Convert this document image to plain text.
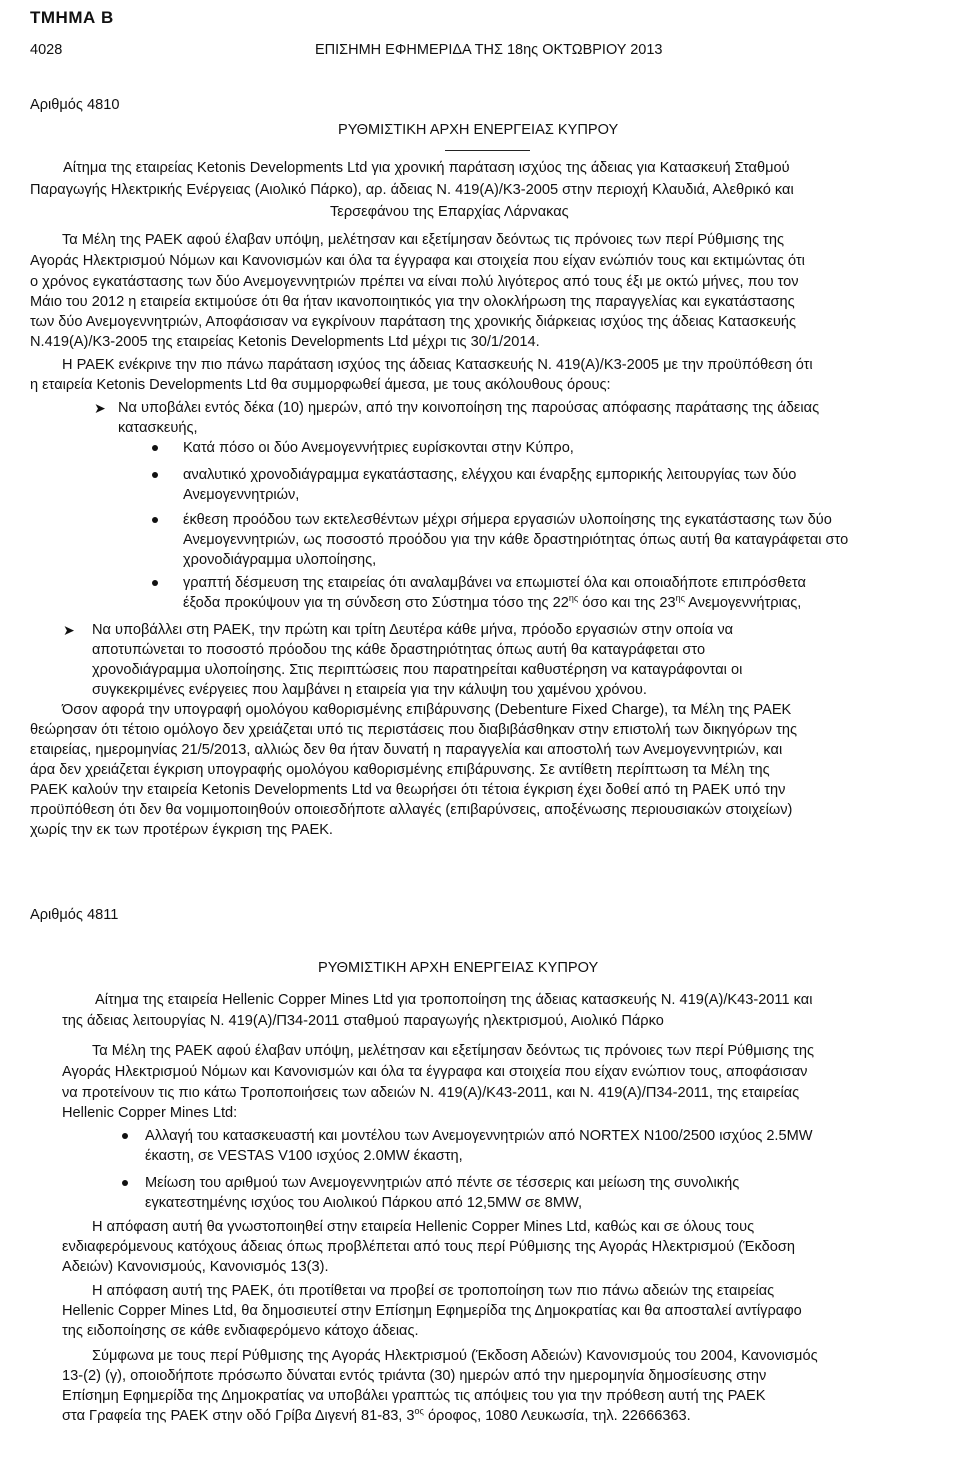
ΤΜΗΜΑ Β
4028	ΕΠΙΣΗΜΗ ΕΦΗΜΕΡΙΔΑ ΤΗΣ 18ης ΟΚΤΩΒΡΙΟΥ 2013
Αριθμός 4810
ΡΥΘΜΙΣΤΙΚΗ ΑΡΧΗ ΕΝΕΡΓΕΙΑΣ ΚΥΠΡΟΥ
Αίτημα της εταιρείας Ketonis Developments Ltd για χρονική παράταση ισχύος της άδειας για Κατασκευή Σταθμού
Παραγωγής Ηλεκτρικής Ενέργειας (Αιολικό Πάρκο), αρ. άδειας Ν. 419(Α)/Κ3-2005 στην περιοχή Κλαυδιά, Αλεθρικό και
Τερσεφάνου της Επαρχίας Λάρνακας
Τα Μέλη της ΡΑΕΚ αφού έλαβαν υπόψη, μελέτησαν και εξετίμησαν δεόντως τις πρόνοιες των περί Ρύθμισης της
Αγοράς Ηλεκτρισμού Νόμων και Κανονισμών και όλα τα έγγραφα και στοιχεία που είχαν ενώπιόν τους και εκτιμώντας ότι
ο χρόνος εγκατάστασης των δύο Ανεμογεννητριών πρέπει να είναι πολύ λιγότερος από τους έξι με οκτώ μήνες, που τον
Μάιο του 2012 η εταιρεία εκτιμούσε ότι θα ήταν ικανοποιητικός για την ολοκλήρωση της παραγγελίας και εγκατάστασης
των δύο Ανεμογεννητριών, Αποφάσισαν να εγκρίνουν παράταση της χρονικής διάρκειας ισχύος της άδειας Κατασκευής
Ν.419(Α)/Κ3-2005 της εταιρείας Ketonis Developments Ltd μέχρι τις 30/1/2014.
Η ΡΑΕΚ ενέκρινε την πιο πάνω παράταση ισχύος της άδειας Κατασκευής Ν. 419(Α)/Κ3-2005 με την προϋπόθεση ότι
η εταιρεία Ketonis Developments Ltd θα συμμορφωθεί άμεσα, με τους ακόλουθους όρους:
➤ Να υποβάλει εντός δέκα (10) ημερών, από την κοινοποίηση της παρούσας απόφασης παράτασης της άδειας
κατασκευής,
Κατά πόσο οι δύο Ανεμογεννήτριες ευρίσκονται στην Κύπρο,
αναλυτικό χρονοδιάγραμμα εγκατάστασης, ελέγχου και έναρξης εμπορικής λειτουργίας των δύο
Ανεμογεννητριών,
έκθεση προόδου των εκτελεσθέντων μέχρι σήμερα εργασιών υλοποίησης της εγκατάστασης των δύο
Ανεμογεννητριών, ως ποσοστό προόδου για την κάθε δραστηριότητας όπως αυτή θα καταγράφεται στο
χρονοδιάγραμμα υλοποίησης,
γραπτή δέσμευση της εταιρείας ότι αναλαμβάνει να επωμιστεί όλα και οποιαδήποτε επιπρόσθετα
έξοδα προκύψουν για τη σύνδεση στο Σύστημα τόσο της $22^{\eta\varsigma}$ όσο και της $23^{\eta\varsigma}$ Ανεμογεννήτριας,
➤ Να υποβάλλει στη ΡΑΕΚ, την πρώτη και τρίτη Δευτέρα κάθε μήνα, πρόοδο εργασιών στην οποία να
αποτυπώνεται το ποσοστό πρόοδου της κάθε δραστηριότητας όπως αυτή θα καταγράφεται στο
χρονοδιάγραμμα υλοποίησης. Στις περιπτώσεις που παρατηρείται καθυστέρηση να καταγράφονται οι
συγκεκριμένες ενέργειες που λαμβάνει η εταιρεία για την κάλυψη του χαμένου χρόνου.
Όσον αφορά την υπογραφή ομολόγου καθορισμένης επιβάρυνσης (Debenture Fixed Charge), τα Μέλη της ΡΑΕΚ
θεώρησαν ότι τέτοιο ομόλογο δεν χρειάζεται υπό τις περιστάσεις που διαβιβάσθηκαν στην επιστολή των δικηγόρων της
εταιρείας, ημερομηνίας 21/5/2013, αλλιώς δεν θα ήταν δυνατή η παραγγελία και αποστολή των Ανεμογεννητριών, και
άρα δεν χρειάζεται έγκριση υπογραφής ομολόγου καθορισμένης επιβάρυνσης. Σε αντίθετη περίπτωση τα Μέλη της
ΡΑΕΚ καλούν την εταιρεία Ketonis Developments Ltd να θεωρήσει ότι τέτοια έγκριση έχει δοθεί από τη ΡΑΕΚ υπό την
προϋπόθεση ότι δεν θα νομιμοποιηθούν οποιεσδήποτε αλλαγές (επιβαρύνσεις, αποξένωσης περιουσιακών στοιχείων)
χωρίς την εκ των προτέρων έγκριση της ΡΑΕΚ.
Αριθμός 4811
ΡΥΘΜΙΣΤΙΚΗ ΑΡΧΗ ΕΝΕΡΓΕΙΑΣ ΚΥΠΡΟΥ
Αίτημα της εταιρεία Hellenic Copper Mines Ltd για τροποποίηση της άδειας κατασκευής Ν. 419(Α)/Κ43-2011 και
της άδειας λειτουργίας Ν. 419(Α)/Π34-2011 σταθμού παραγωγής ηλεκτρισμού, Αιολικό Πάρκο
Τα Μέλη της ΡΑΕΚ αφού έλαβαν υπόψη, μελέτησαν και εξετίμησαν δεόντως τις πρόνοιες των περί Ρύθμισης της
Αγοράς Ηλεκτρισμού Νόμων και Κανονισμών και όλα τα έγγραφα και στοιχεία που είχαν ενώπιον τους, αποφάσισαν
να προτείνουν τις πιο κάτω Τροποποιήσεις των αδειών Ν. 419(Α)/Κ43-2011, και Ν. 419(Α)/Π34-2011, της εταιρείας
Hellenic Copper Mines Ltd:
Αλλαγή του κατασκευαστή και μοντέλου των Ανεμογεννητριών από NORTEX N100/2500 ισχύος 2.5MW
έκαστη, σε VESTAS V100 ισχύος 2.0MW έκαστη,
Μείωση του αριθμού των Ανεμογεννητριών από πέντε σε τέσσερις και μείωση της συνολικής
εγκατεστημένης ισχύος του Αιολικού Πάρκου από 12,5MW σε 8MW,
Η απόφαση αυτή θα γνωστοποιηθεί στην εταιρεία Hellenic Copper Mines Ltd, καθώς και σε όλους τους
ενδιαφερόμενους κατόχους άδειας όπως προβλέπεται από τους περί Ρύθμισης της Αγοράς Ηλεκτρισμού (Έκδοση
Αδειών) Κανονισμούς, Κανονισμός 13(3).
Η απόφαση αυτή της ΡΑΕΚ, ότι προτίθεται να προβεί σε τροποποίηση των πιο πάνω αδειών της εταιρείας
Hellenic Copper Mines Ltd, θα δημοσιευτεί στην Επίσημη Εφημερίδα της Δημοκρατίας και θα αποσταλεί αντίγραφο
της ειδοποίησης σε κάθε ενδιαφερόμενο κάτοχο άδειας.
Σύμφωνα με τους περί Ρύθμισης της Αγοράς Ηλεκτρισμού (Έκδοση Αδειών) Κανονισμούς του 2004, Κανονισμός
13-(2) (γ), οποιοδήποτε πρόσωπο δύναται εντός τριάντα (30) ημερών από την ημερομηνία δημοσίευσης στην
Επίσημη Εφημερίδα της Δημοκρατίας να υποβάλει γραπτώς τις απόψεις του για την πρόθεση αυτή της ΡΑΕΚ
στα Γραφεία της ΡΑΕΚ στην οδό Γρίβα Διγενή 81-83, $3^{o\varsigma}$ όροφος, 1080 Λευκωσία, τηλ. 22666363.
